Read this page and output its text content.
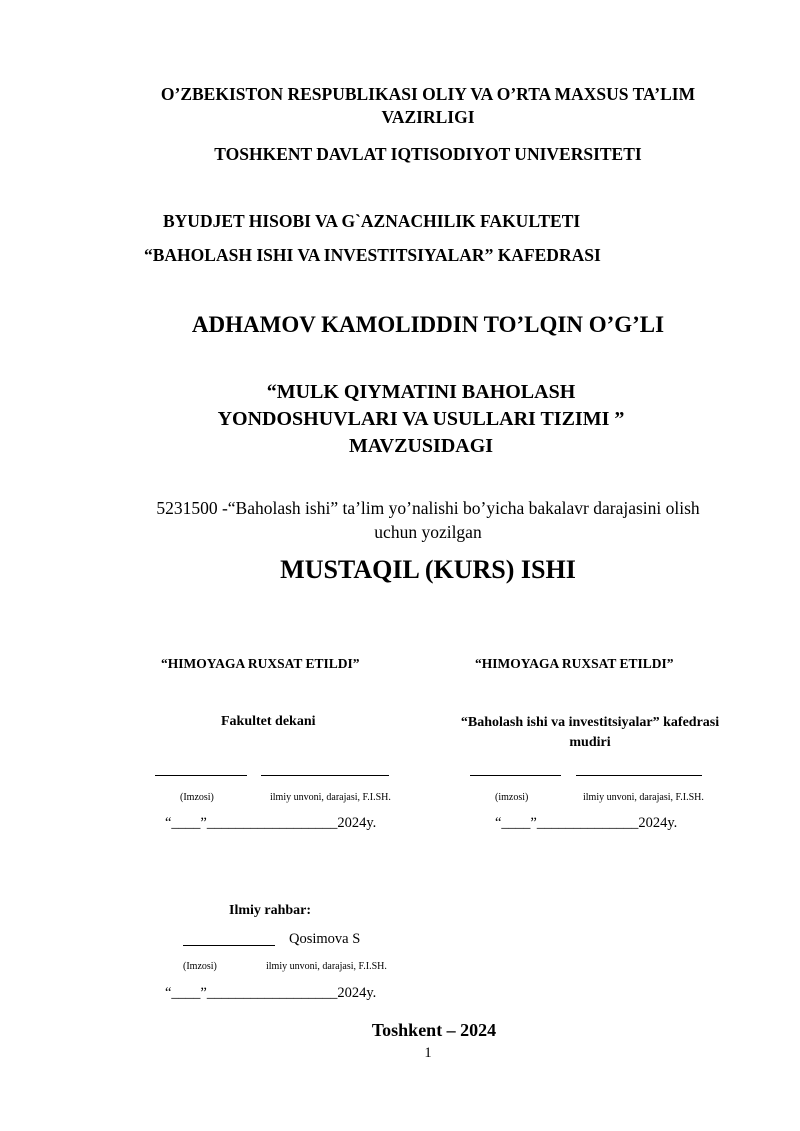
O’ZBEKISTON RESPUBLIKASI OLIY VA O’RTA MAXSUS TA’LIM
VAZIRLIGI
TOSHKENT DAVLAT IQTISODIYOT UNIVERSITETI
BYUDJET HISOBI VA G`AZNACHILIK FAKULTETI
“BAHOLASH ISHI VA INVESTITSIYALAR” KAFEDRASI
ADHAMOV KAMOLIDDIN TO’LQIN O’G’LI
“MULK QIYMATINI BAHOLASH
YONDOSHUVLARI VA USULLARI TIZIMI ”
MAVZUSIDAGI
5231500 -“Baholash ishi” ta’lim yo’nalishi bo’yicha bakalavr darajasini olish
uchun yozilgan
MUSTAQIL (KURS) ISHI
“HIMOYAGA RUXSAT ETILDI”
Fakultet dekani
(Imzosi)	ilmiy unvoni, darajasi, F.I.SH.
“____”__________________2024y.
“HIMOYAGA RUXSAT ETILDI”
“Baholash ishi va investitsiyalar” kafedrasi
mudiri
(imzosi)	ilmiy unvoni, darajasi, F.I.SH.
“____”______________2024y.
Ilmiy rahbar:
Qosimova S
(Imzosi)	ilmiy unvoni, darajasi, F.I.SH.
“____”__________________2024y.
Toshkent – 2024
1
